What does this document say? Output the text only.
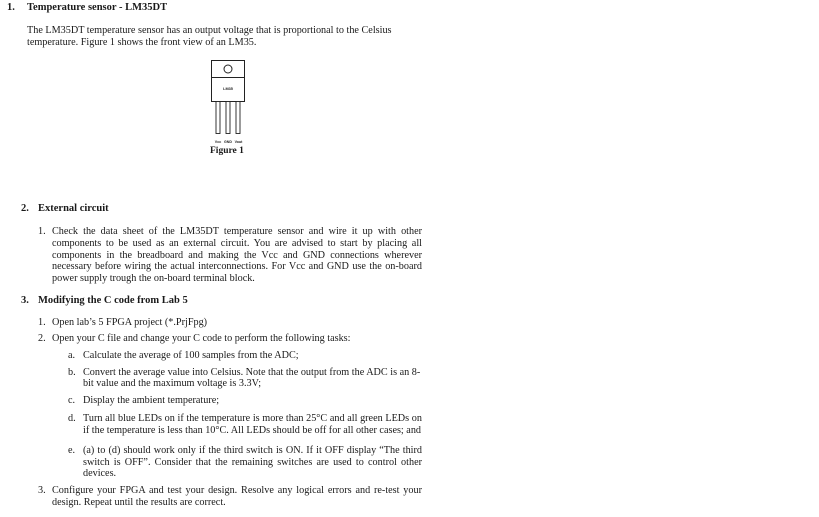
1. Temperature sensor - LM35DT
The LM35DT temperature sensor has an output voltage that is proportional to the Celsius
temperature. Figure 1 shows the front view of an LM35.
LM35
Vcc GND Vout
Figure 1
2. External circuit
1. Check the data sheet of the LM35DT temperature sensor and wire it up with other
components to be used as an external circuit. You are advised to start by placing all
components in the breadboard and making the Vcc and GND connections wherever
necessary before wiring the actual interconnections. For Vcc and GND use the on-board
power supply trough the on-board terminal block.
3. Modifying the C code from Lab 5
1. Open lab’s 5 FPGA project (*.PrjFpg)
2. Open your C file and change your C code to perform the following tasks:
a. Calculate the average of 100 samples from the ADC;
b. Convert the average value into Celsius. Note that the output from the ADC is an 8-
bit value and the maximum voltage is 3.3V;
c. Display the ambient temperature;
d. Turn all blue LEDs on if the temperature is more than 25°C and all green LEDs on
if the temperature is less than 10°C. All LEDs should be off for all other cases; and
e. (a) to (d) should work only if the third switch is ON. If it OFF display “The third
switch is OFF”. Consider that the remaining switches are used to control other
devices.
3. Configure your FPGA and test your design. Resolve any logical errors and re-test your
design. Repeat until the results are correct.
